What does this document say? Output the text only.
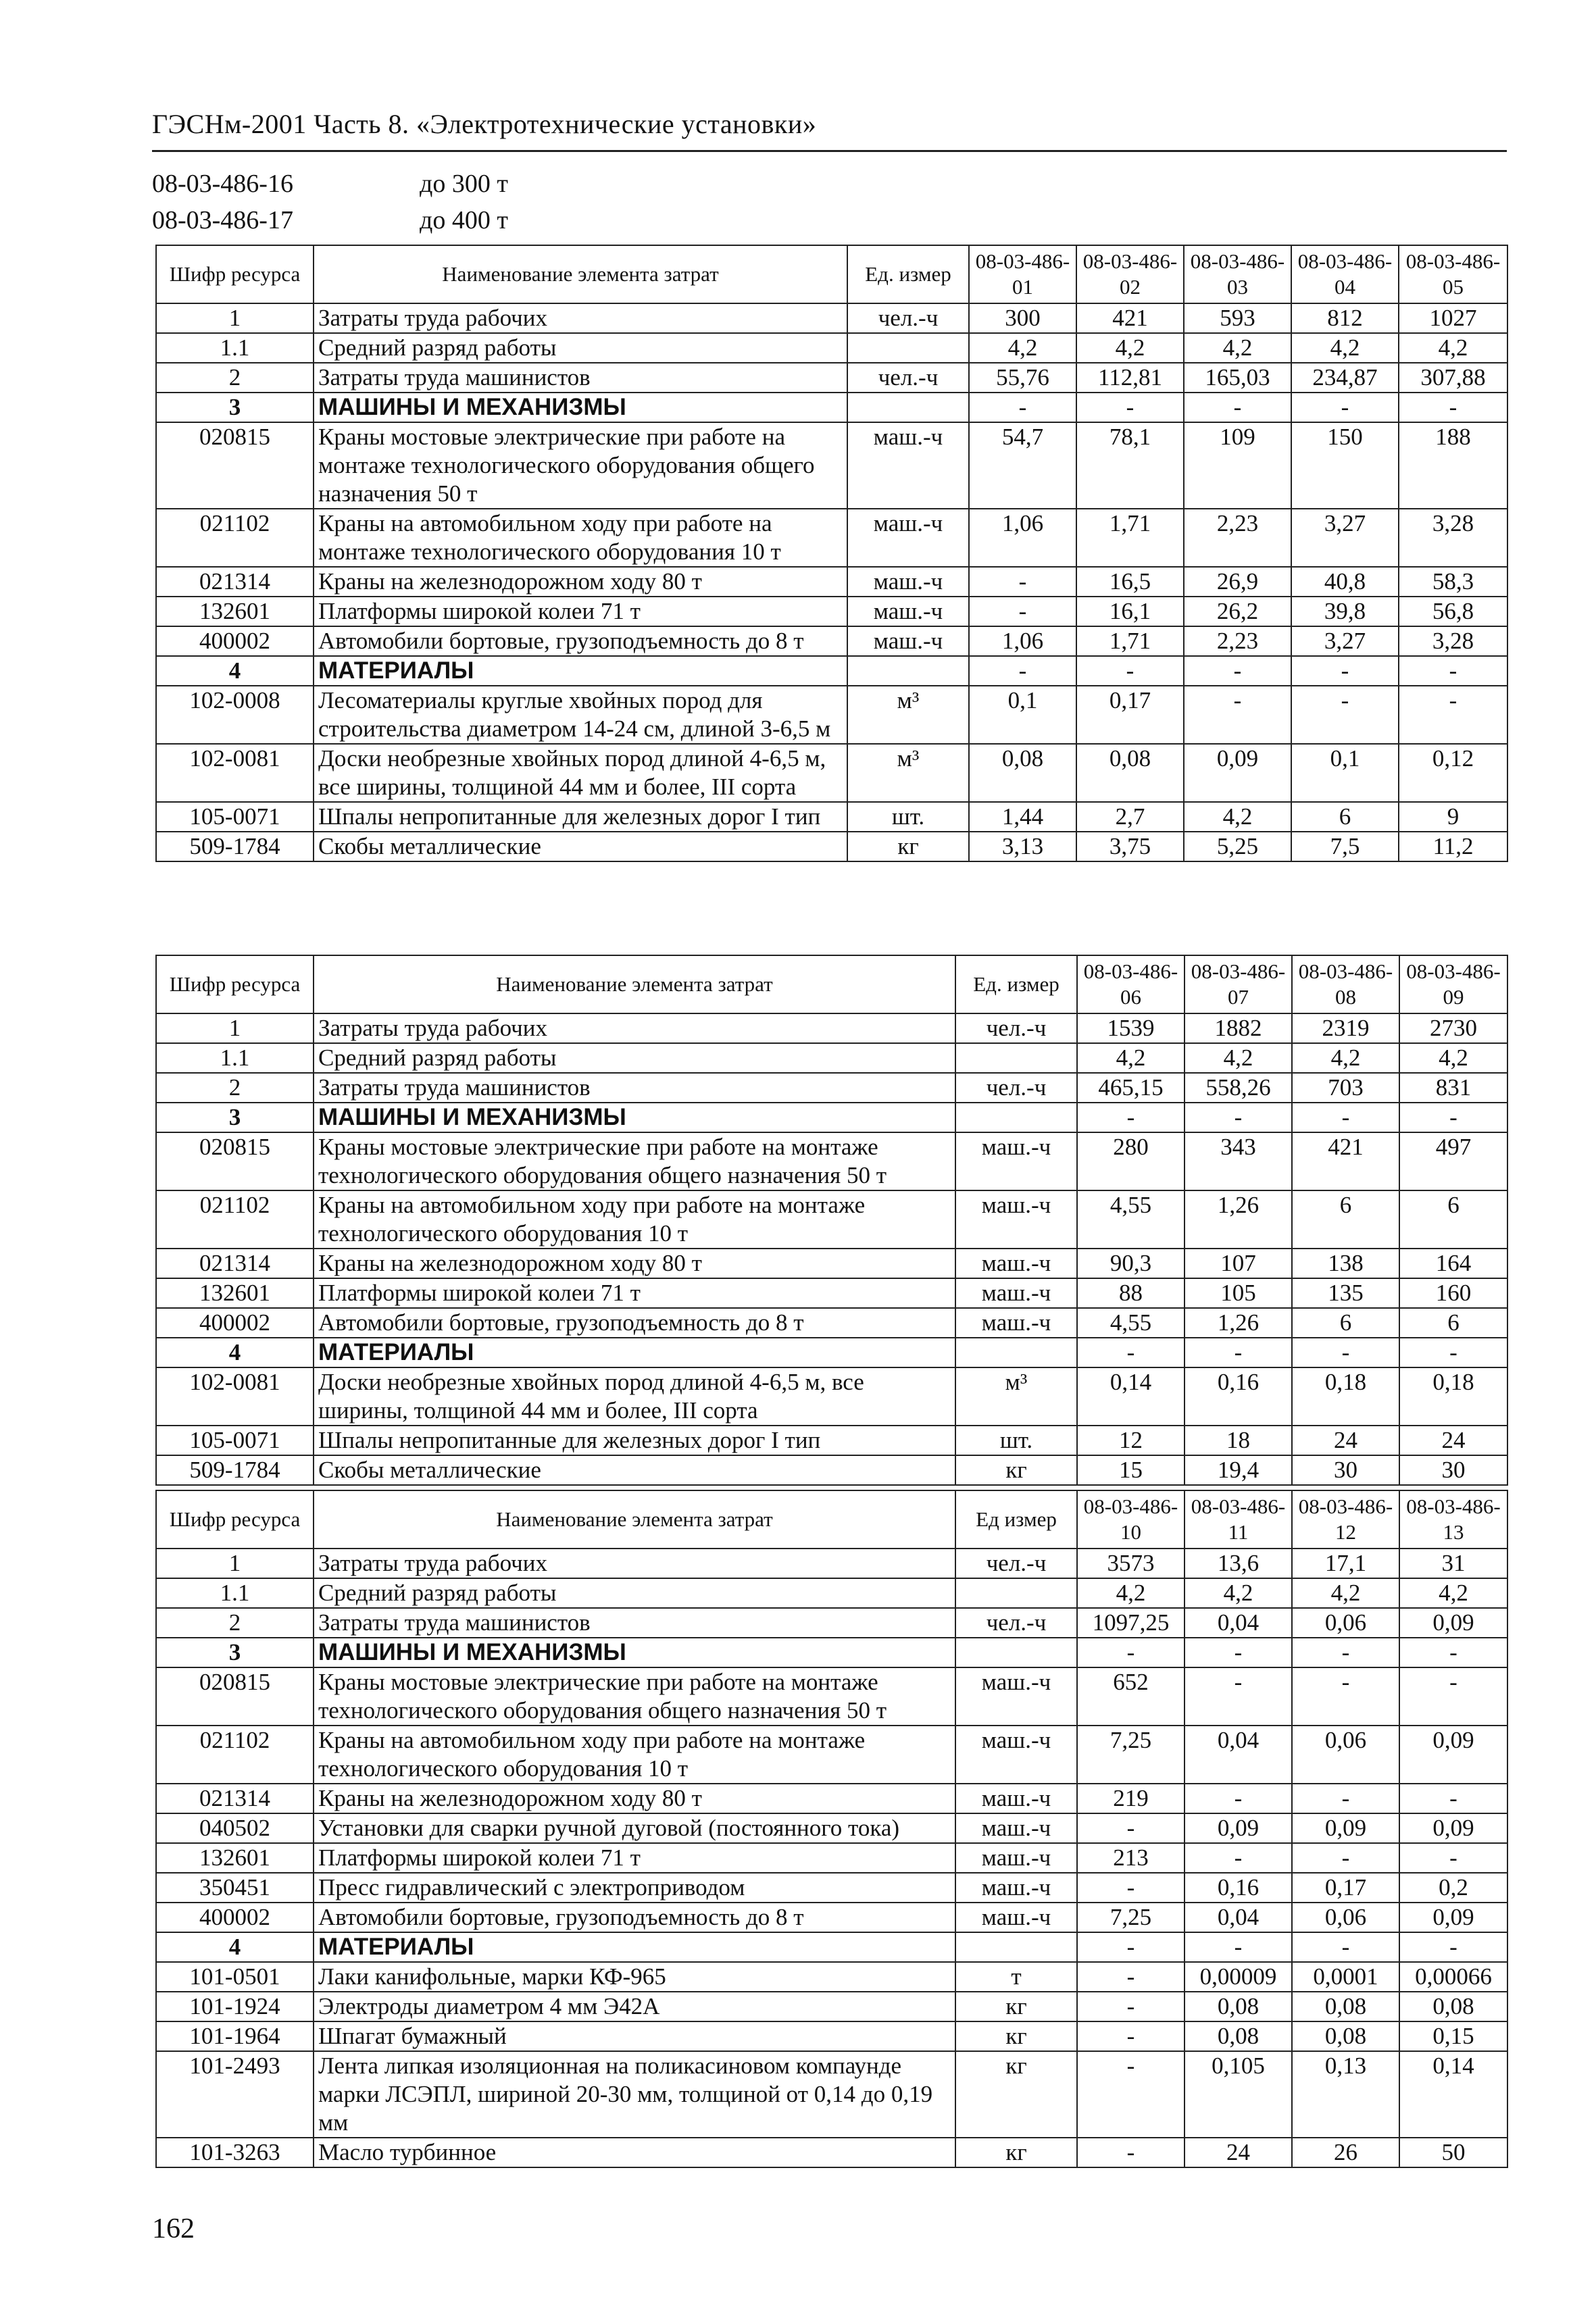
ГЭСНм-2001 Часть 8. «Электротехнические установки»
08-03-486-16	до 300 т
08-03-486-17	до 400 т
Шифр ресурса	Наименование элемента затрат	Ед. измер	08-03-486-01	08-03-486-02	08-03-486-03	08-03-486-04	08-03-486-05
1	Затраты труда рабочих	чел.-ч	300	421	593	812	1027
1.1	Средний разряд работы		4,2	4,2	4,2	4,2	4,2
2	Затраты труда машинистов	чел.-ч	55,76	112,81	165,03	234,87	307,88
3	МАШИНЫ И МЕХАНИЗМЫ		-	-	-	-	-
020815	Краны мостовые электрические при работе на монтаже технологического оборудования общего назначения 50 т	маш.-ч	54,7	78,1	109	150	188
021102	Краны на автомобильном ходу при работе на монтаже технологического оборудования 10 т	маш.-ч	1,06	1,71	2,23	3,27	3,28
021314	Краны на железнодорожном ходу 80 т	маш.-ч	-	16,5	26,9	40,8	58,3
132601	Платформы широкой колеи 71 т	маш.-ч	-	16,1	26,2	39,8	56,8
400002	Автомобили бортовые, грузоподъемность до 8 т	маш.-ч	1,06	1,71	2,23	3,27	3,28
4	МАТЕРИАЛЫ		-	-	-	-	-
102-0008	Лесоматериалы круглые хвойных пород для строительства диаметром 14-24 см, длиной 3-6,5 м	м³	0,1	0,17	-	-	-
102-0081	Доски необрезные хвойных пород длиной 4-6,5 м, все ширины, толщиной 44 мм и более, III сорта	м³	0,08	0,08	0,09	0,1	0,12
105-0071	Шпалы непропитанные для железных дорог I тип	шт.	1,44	2,7	4,2	6	9
509-1784	Скобы металлические	кг	3,13	3,75	5,25	7,5	11,2
Шифр ресурса	Наименование элемента затрат	Ед. измер	08-03-486-06	08-03-486-07	08-03-486-08	08-03-486-09
1	Затраты труда рабочих	чел.-ч	1539	1882	2319	2730
1.1	Средний разряд работы		4,2	4,2	4,2	4,2
2	Затраты труда машинистов	чел.-ч	465,15	558,26	703	831
3	МАШИНЫ И МЕХАНИЗМЫ		-	-	-	-
020815	Краны мостовые электрические при работе на монтаже технологического оборудования общего назначения 50 т	маш.-ч	280	343	421	497
021102	Краны на автомобильном ходу при работе на монтаже технологического оборудования 10 т	маш.-ч	4,55	1,26	6	6
021314	Краны на железнодорожном ходу 80 т	маш.-ч	90,3	107	138	164
132601	Платформы широкой колеи 71 т	маш.-ч	88	105	135	160
400002	Автомобили бортовые, грузоподъемность до 8 т	маш.-ч	4,55	1,26	6	6
4	МАТЕРИАЛЫ		-	-	-	-
102-0081	Доски необрезные хвойных пород длиной 4-6,5 м, все ширины, толщиной 44 мм и более, III сорта	м³	0,14	0,16	0,18	0,18
105-0071	Шпалы непропитанные для железных дорог I тип	шт.	12	18	24	24
509-1784	Скобы металлические	кг	15	19,4	30	30
Шифр ресурса	Наименование элемента затрат	Ед измер	08-03-486-10	08-03-486-11	08-03-486-12	08-03-486-13
1	Затраты труда рабочих	чел.-ч	3573	13,6	17,1	31
1.1	Средний разряд работы		4,2	4,2	4,2	4,2
2	Затраты труда машинистов	чел.-ч	1097,25	0,04	0,06	0,09
3	МАШИНЫ И МЕХАНИЗМЫ		-	-	-	-
020815	Краны мостовые электрические при работе на монтаже технологического оборудования общего назначения 50 т	маш.-ч	652	-	-	-
021102	Краны на автомобильном ходу при работе на монтаже технологического оборудования 10 т	маш.-ч	7,25	0,04	0,06	0,09
021314	Краны на железнодорожном ходу 80 т	маш.-ч	219	-	-	-
040502	Установки для сварки ручной дуговой (постоянного тока)	маш.-ч	-	0,09	0,09	0,09
132601	Платформы широкой колеи 71 т	маш.-ч	213	-	-	-
350451	Пресс гидравлический с электроприводом	маш.-ч	-	0,16	0,17	0,2
400002	Автомобили бортовые, грузоподъемность до 8 т	маш.-ч	7,25	0,04	0,06	0,09
4	МАТЕРИАЛЫ		-	-	-	-
101-0501	Лаки канифольные, марки КФ-965	т	-	0,00009	0,0001	0,00066
101-1924	Электроды диаметром 4 мм Э42А	кг	-	0,08	0,08	0,08
101-1964	Шпагат бумажный	кг	-	0,08	0,08	0,15
101-2493	Лента липкая изоляционная на поликасиновом компаунде марки ЛСЭПЛ, шириной 20-30 мм, толщиной от 0,14 до 0,19 мм	кг	-	0,105	0,13	0,14
101-3263	Масло турбинное	кг	-	24	26	50
162
